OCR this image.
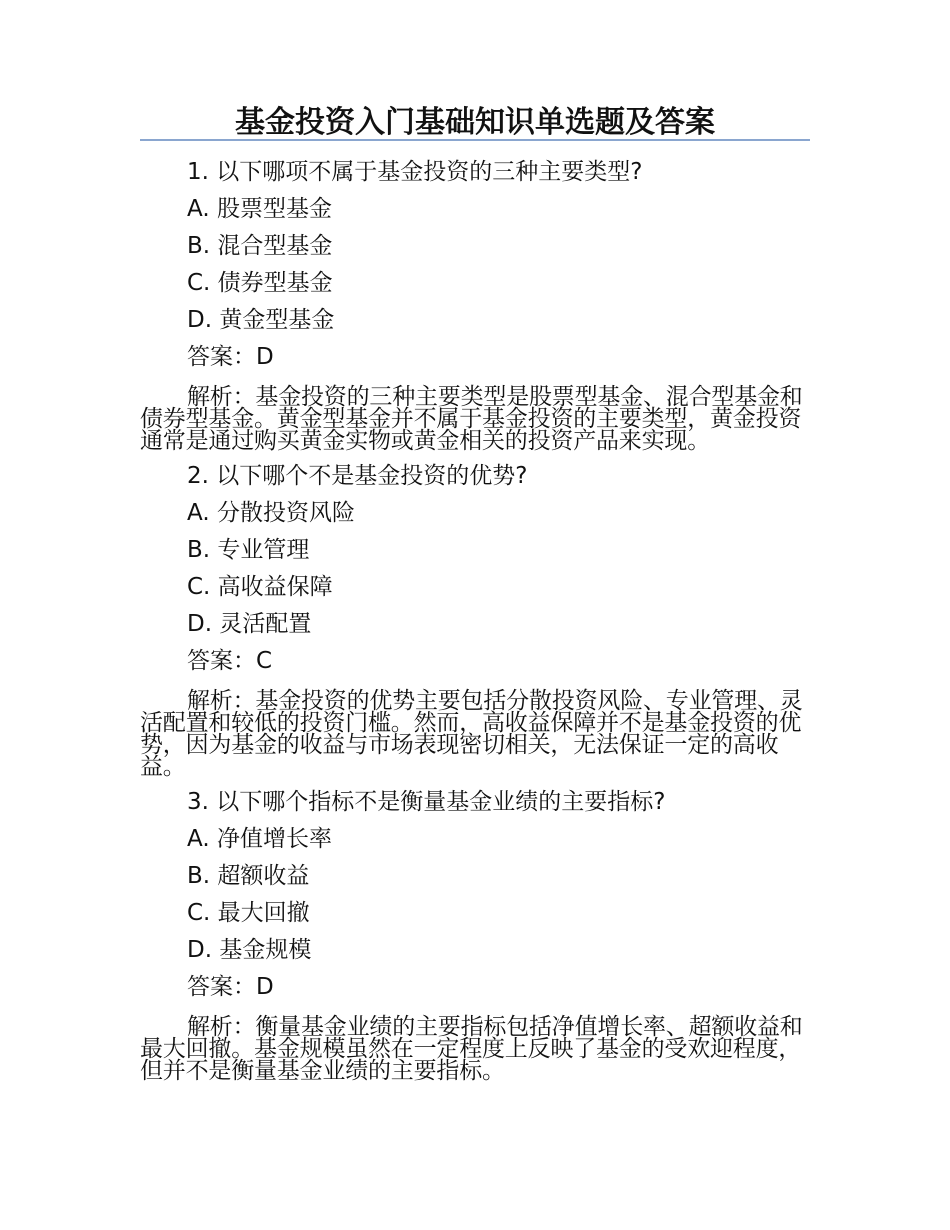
基金投资入门基础知识单选题及答案
1. 以下哪项不属于基金投资的三种主要类型?
A. 股票型基金
B. 混合型基金
C. 债券型基金
D. 黄金型基金
答案：D
解析：基金投资的三种主要类型是股票型基金、混合型基金和债券型基金。黄金型基金并不属于基金投资的主要类型，黄金投资通常是通过购买黄金实物或黄金相关的投资产品来实现。
2. 以下哪个不是基金投资的优势?
A. 分散投资风险
B. 专业管理
C. 高收益保障
D. 灵活配置
答案：C
解析：基金投资的优势主要包括分散投资风险、专业管理、灵活配置和较低的投资门槛。然而，高收益保障并不是基金投资的优势，因为基金的收益与市场表现密切相关，无法保证一定的高收益。
3. 以下哪个指标不是衡量基金业绩的主要指标?
A. 净值增长率
B. 超额收益
C. 最大回撤
D. 基金规模
答案：D
解析：衡量基金业绩的主要指标包括净值增长率、超额收益和最大回撤。基金规模虽然在一定程度上反映了基金的受欢迎程度，但并不是衡量基金业绩的主要指标。
